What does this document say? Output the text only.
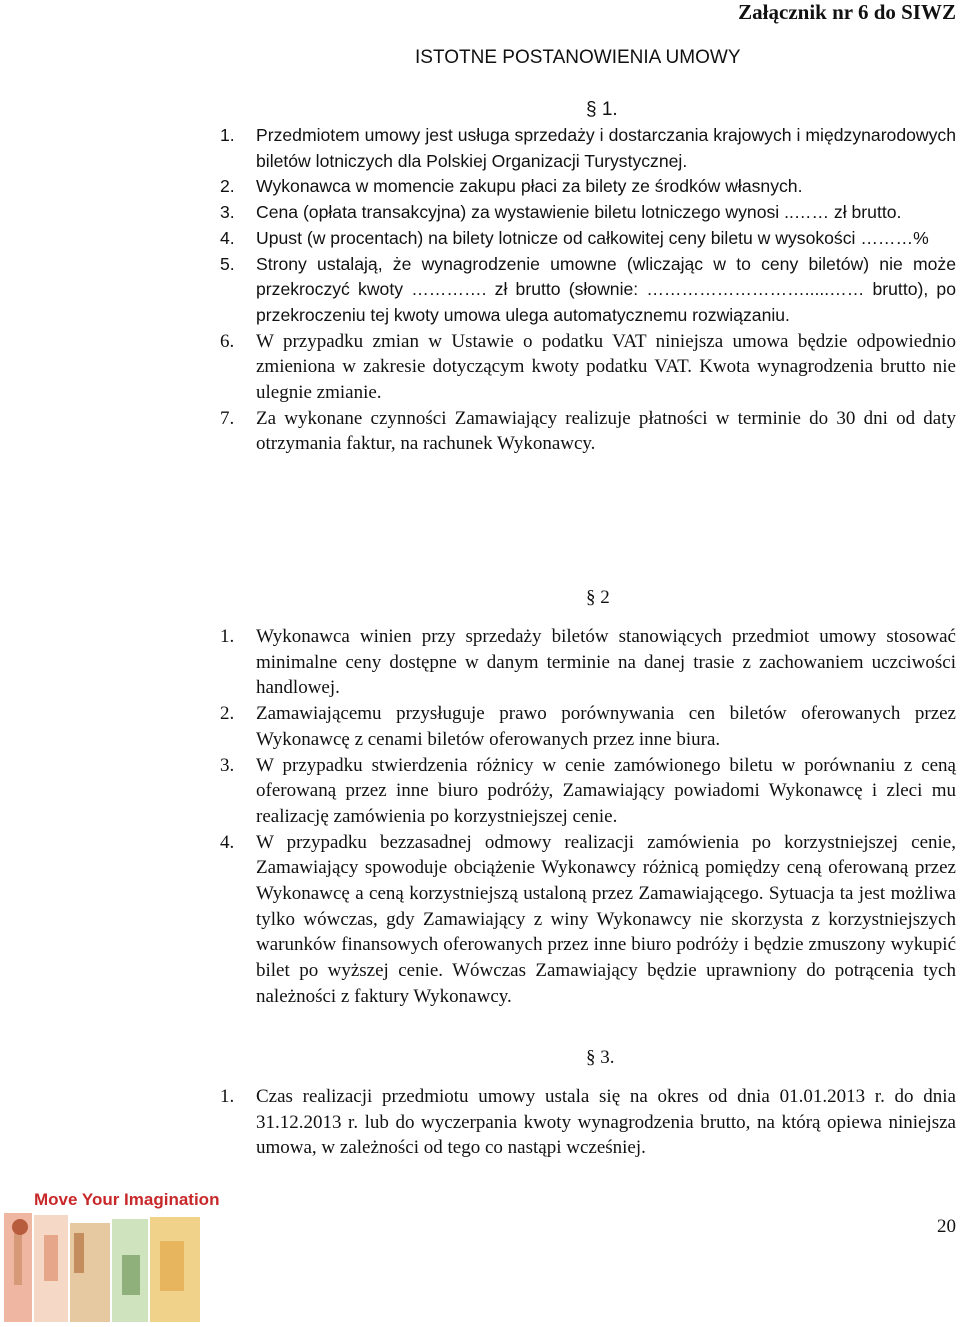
Załącznik nr 6 do SIWZ
ISTOTNE POSTANOWIENIA UMOWY
§ 1.
1. Przedmiotem umowy jest usługa sprzedaży i dostarczania krajowych i międzynarodowych biletów lotniczych dla Polskiej Organizacji Turystycznej.
2. Wykonawca w momencie zakupu płaci za bilety ze środków własnych.
3. Cena (opłata transakcyjna) za wystawienie biletu lotniczego wynosi ..…… zł brutto.
4. Upust (w procentach) na bilety lotnicze od całkowitej ceny biletu w wysokości ………%
5. Strony ustalają, że wynagrodzenie umowne (wliczając w to ceny biletów) nie może przekroczyć kwoty …………. zł brutto (słownie: ……………………….....…… brutto), po przekroczeniu tej kwoty umowa ulega automatycznemu rozwiązaniu.
6. W przypadku zmian w Ustawie o podatku VAT niniejsza umowa będzie odpowiednio zmieniona w zakresie dotyczącym kwoty podatku VAT. Kwota wynagrodzenia brutto nie ulegnie zmianie.
7. Za wykonane czynności Zamawiający realizuje płatności w terminie do 30 dni od daty otrzymania faktur, na rachunek Wykonawcy.
§ 2
1. Wykonawca winien przy sprzedaży biletów stanowiących przedmiot umowy stosować minimalne ceny dostępne w danym terminie na danej trasie z zachowaniem uczciwości handlowej.
2. Zamawiającemu przysługuje prawo porównywania cen biletów oferowanych przez Wykonawcę z cenami biletów oferowanych przez inne biura.
3. W przypadku stwierdzenia różnicy w cenie zamówionego biletu w porównaniu z ceną oferowaną przez inne biuro podróży, Zamawiający powiadomi Wykonawcę i zleci mu realizację zamówienia po korzystniejszej cenie.
4. W przypadku bezzasadnej odmowy realizacji zamówienia po korzystniejszej cenie, Zamawiający spowoduje obciążenie Wykonawcy różnicą pomiędzy ceną oferowaną przez Wykonawcę a ceną korzystniejszą ustaloną przez Zamawiającego. Sytuacja ta jest możliwa tylko wówczas, gdy Zamawiający z winy Wykonawcy nie skorzysta z korzystniejszych warunków finansowych oferowanych przez inne biuro podróży i będzie zmuszony wykupić bilet po wyższej cenie. Wówczas Zamawiający będzie uprawniony do potrącenia tych należności z faktury Wykonawcy.
§ 3.
1. Czas realizacji przedmiotu umowy ustala się na okres od dnia 01.01.2013 r. do dnia 31.12.2013 r. lub do wyczerpania kwoty wynagrodzenia brutto, na którą opiewa niniejsza umowa, w zależności od tego co nastąpi wcześniej.
Move Your Imagination
20
